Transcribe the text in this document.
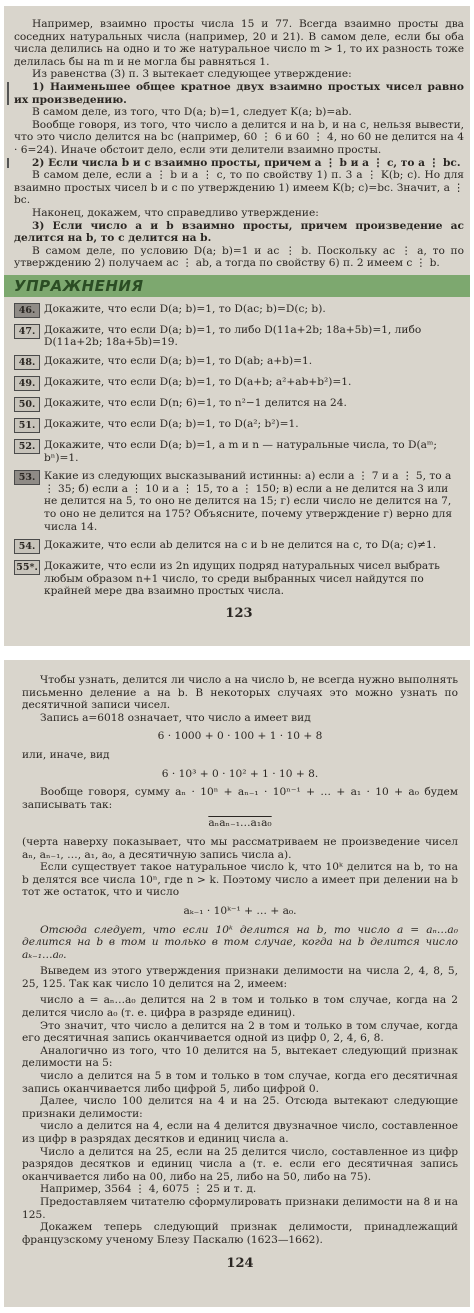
Например, взаимно просты числа 15 и 77. Всегда взаимно просты два соседних натуральных числа (например, 20 и 21). В самом деле, если бы оба числа делились на одно и то же натуральное число m > 1, то их разность тоже делилась бы на m и не могла бы равняться 1.

Из равенства (3) п. 3 вытекает следующее утверждение:

1) Наименьшее общее кратное двух взаимно простых чисел равно их произведению.

В самом деле, из того, что D(a; b)=1, следует K(a; b)=ab.

Вообще говоря, из того, что число a делится и на b, и на c, нельзя вывести, что это число делится на bc (например, 60 ⋮ 6 и 60 ⋮ 4, но 60 не делится на 4 · 6=24). Иначе обстоит дело, если эти делители взаимно просты.

2) Если числа b и c взаимно просты, причем a ⋮ b и a ⋮ c, то a ⋮ bc.

В самом деле, если a ⋮ b и a ⋮ c, то по свойству 1) п. 3 a ⋮ K(b; c). Но для взаимно простых чисел b и c по утверждению 1) имеем K(b; c)=bc. Значит, a ⋮ bc.

Наконец, докажем, что справедливо утверждение:

3) Если число a и b взаимно просты, причем произведение ac делится на b, то c делится на b.

В самом деле, по условию D(a; b)=1 и ac ⋮ b. Поскольку ac ⋮ a, то по утверждению 2) получаем ac ⋮ ab, а тогда по свойству 6) п. 2 имеем c ⋮ b.

УПРАЖНЕНИЯ
46. Докажите, что если D(a; b)=1, то D(ac; b)=D(c; b).
47. Докажите, что если D(a; b)=1, то либо D(11a+2b; 18a+5b)=1, либо D(11a+2b; 18a+5b)=19.
48. Докажите, что если D(a; b)=1, то D(ab; a+b)=1.
49. Докажите, что если D(a; b)=1, то D(a+b; a²+ab+b²)=1.
50. Докажите, что если D(n; 6)=1, то n²−1 делится на 24.
51. Докажите, что если D(a; b)=1, то D(a²; b²)=1.
52. Докажите, что если D(a; b)=1, а m и n — натуральные числа, то D(aᵐ; bⁿ)=1.
53. Какие из следующих высказываний истинны: а) если a ⋮ 7 и a ⋮ 5, то a ⋮ 35; б) если a ⋮ 10 и a ⋮ 15, то a ⋮ 150; в) если a не делится на 3 или не делится на 5, то оно не делится на 15; г) если число не делится на 7, то оно не делится на 175? Объясните, почему утверждение г) верно для числа 14.
54. Докажите, что если ab делится на c и b не делится на c, то D(a; c)≠1.
55*. Докажите, что если из 2n идущих подряд натуральных чисел выбрать любым образом n+1 число, то среди выбранных чисел найдутся по крайней мере два взаимно простых числа.
123

Чтобы узнать, делится ли число a на число b, не всегда нужно выполнять письменно деление a на b. В некоторых случаях это можно узнать по десятичной записи чисел.

Запись a=6018 означает, что число a имеет вид

6 · 1000 + 0 · 100 + 1 · 10 + 8

или, иначе, вид

6 · 10³ + 0 · 10² + 1 · 10 + 8.

Вообще говоря, сумму aₙ · 10ⁿ + aₙ₋₁ · 10ⁿ⁻¹ + … + a₁ · 10 + a₀ будем записывать так:

aₙaₙ₋₁…a₁a₀

(черта наверху показывает, что мы рассматриваем не произведение чисел aₙ, aₙ₋₁, …, a₁, a₀, а десятичную запись числа a).

Если существует такое натуральное число k, что 10ᵏ делится на b, то на b делятся все числа 10ⁿ, где n > k. Поэтому число a имеет при делении на b тот же остаток, что и число

aₖ₋₁ · 10ᵏ⁻¹ + … + a₀.

Отсюда следует, что если 10ᵏ делится на b, то число a = aₙ…a₀ делится на b в том и только в том случае, когда на b делится число aₖ₋₁…a₀.

Выведем из этого утверждения признаки делимости на числа 2, 4, 8, 5, 25, 125. Так как число 10 делится на 2, имеем:

число a = aₙ…a₀ делится на 2 в том и только в том случае, когда на 2 делится число a₀ (т. е. цифра в разряде единиц).

Это значит, что число a делится на 2 в том и только в том случае, когда его десятичная запись оканчивается одной из цифр 0, 2, 4, 6, 8.

Аналогично из того, что 10 делится на 5, вытекает следующий признак делимости на 5:

число a делится на 5 в том и только в том случае, когда его десятичная запись оканчивается либо цифрой 5, либо цифрой 0.

Далее, число 100 делится на 4 и на 25. Отсюда вытекают следующие признаки делимости:

число a делится на 4, если на 4 делится двузначное число, составленное из цифр в разрядах десятков и единиц числа a.

Число a делится на 25, если на 25 делится число, составленное из цифр разрядов десятков и единиц числа a (т. е. если его десятичная запись оканчивается либо на 00, либо на 25, либо на 50, либо на 75).

Например, 3564 ⋮ 4, 6075 ⋮ 25 и т. д.

Предоставляем читателю сформулировать признаки делимости на 8 и на 125.

Докажем теперь следующий признак делимости, принадлежащий французскому ученому Блезу Паскалю (1623—1662).

124
